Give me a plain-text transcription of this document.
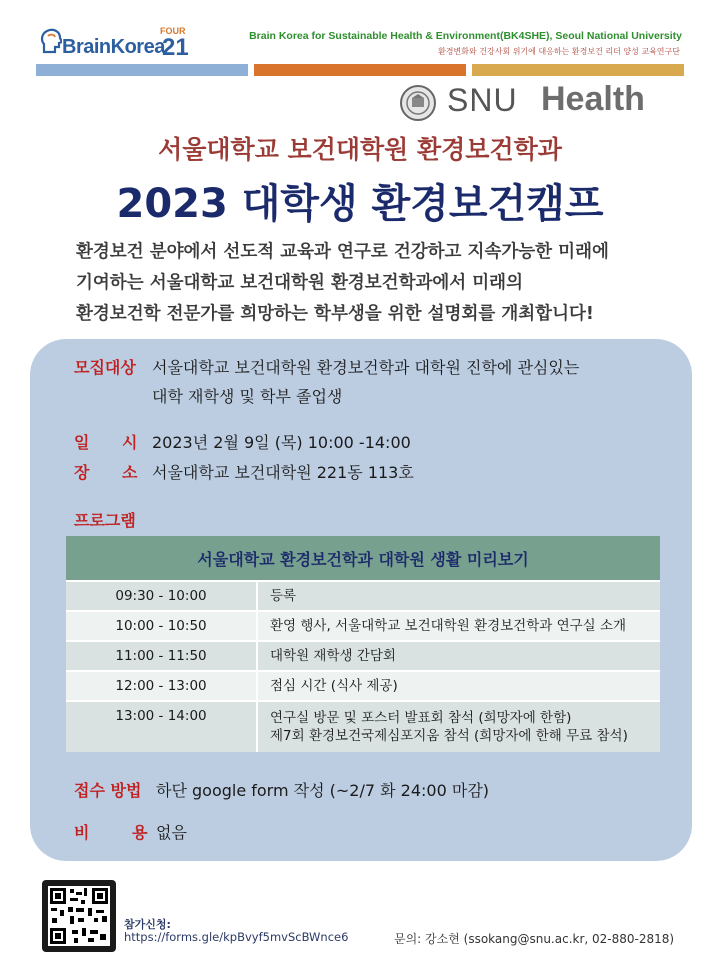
BrainKorea
FOUR
21	Brain Korea for Sustainable Health & Environment(BK4SHE), Seoul National University
환경변화와 건강사회 위기에 대응하는 환경보건 리더 양성 교육연구단
SNU Health
서울대학교 보건대학원 환경보건학과
2023 대학생 환경보건캠프
환경보건 분야에서 선도적 교육과 연구로 건강하고 지속가능한 미래에
기여하는 서울대학교 보건대학원 환경보건학과에서 미래의
환경보건학 전문가를 희망하는 학부생을 위한 설명회를 개최합니다!
모집대상 서울대학교 보건대학원 환경보건학과 대학원 진학에 관심있는
대학 재학생 및 학부 졸업생
일 시 2023년 2월 9일 (목) 10:00 -14:00
장 소 서울대학교 보건대학원 221동 113호
프로그램
서울대학교 환경보건학과 대학원 생활 미리보기		
09:30 - 10:00		등록
10:00 - 10:50		환영 행사, 서울대학교 보건대학원 환경보건학과 연구실 소개
11:00 - 11:50		대학원 재학생 간담회
12:00 - 13:00		점심 시간 (식사 제공)
13:00 - 14:00		연구실 방문 및 포스터 발표회 참석 (희망자에 한함)
제7회 환경보건국제심포지움 참석 (희망자에 한해 무료 참석)
접수 방법 하단 google form 작성 (~2/7 화 24:00 마감)
비	용 없음
참가신청:
https://forms.gle/kpBvyf5mvScBWnce6	문의: 강소현 (ssokang@snu.ac.kr, 02-880-2818)
